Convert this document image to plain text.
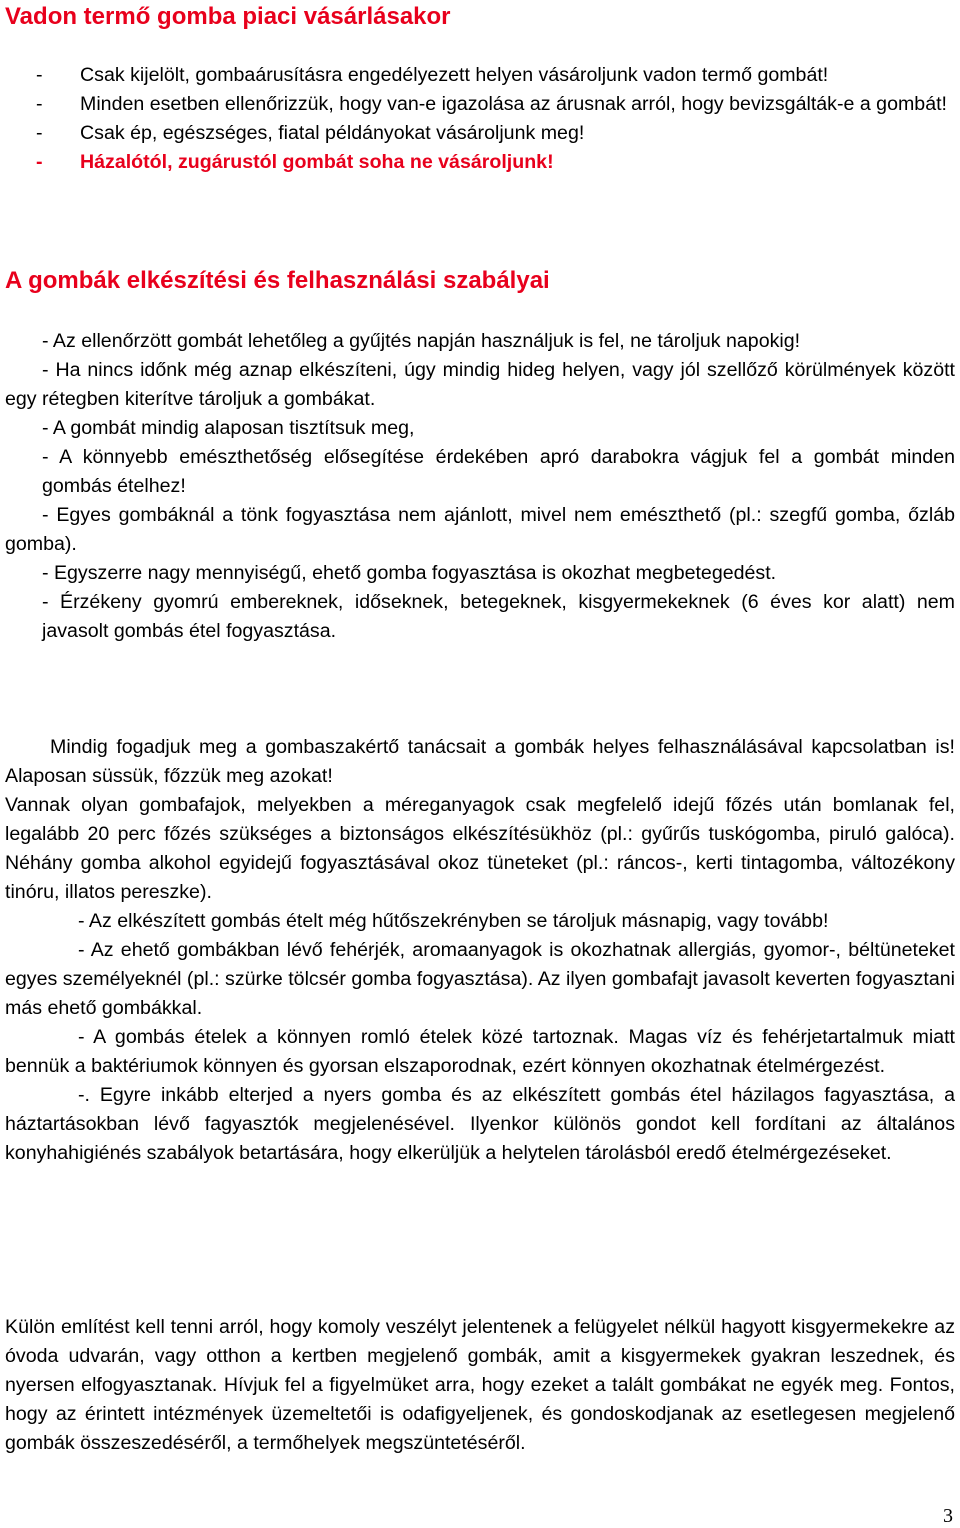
Vadon termő gomba piaci vásárlásakor
-	Csak kijelölt, gombaárusításra engedélyezett helyen vásároljunk vadon termő gombát!
-	Minden esetben ellenőrizzük, hogy van-e igazolása az árusnak arról, hogy bevizsgálták-e a gombát!
-	Csak ép, egészséges, fiatal példányokat vásároljunk meg!
-	Házalótól, zugárustól gombát soha ne vásároljunk!
A gombák elkészítési és felhasználási szabályai

- Az ellenőrzött gombát lehetőleg a gyűjtés napján használjuk is fel, ne tároljuk napokig!

- Ha nincs időnk még aznap elkészíteni, úgy mindig hideg helyen, vagy jól szellőző körülmények között egy rétegben kiterítve tároljuk a gombákat.

- A gombát mindig alaposan tisztítsuk meg,

- A könnyebb emészthetőség elősegítése érdekében apró darabokra vágjuk fel a gombát minden gombás ételhez!

- Egyes gombáknál a tönk fogyasztása nem ajánlott, mivel nem emészthető (pl.: szegfű gomba, őzláb gomba).

- Egyszerre nagy mennyiségű, ehető gomba fogyasztása is okozhat megbetegedést.

- Érzékeny gyomrú embereknek, időseknek, betegeknek, kisgyermekeknek (6 éves kor alatt) nem javasolt gombás étel fogyasztása.

Mindig fogadjuk meg a gombaszakértő tanácsait a gombák helyes felhasználásával kapcsolatban is! Alaposan süssük, főzzük meg azokat!

Vannak olyan gombafajok, melyekben a méreganyagok csak megfelelő idejű főzés után bomlanak fel, legalább 20 perc főzés szükséges a biztonságos elkészítésükhöz (pl.: gyűrűs tuskógomba, piruló galóca). Néhány gomba alkohol egyidejű fogyasztásával okoz tüneteket (pl.: ráncos-, kerti tintagomba, változékony tinóru, illatos pereszke).

- Az elkészített gombás ételt még hűtőszekrényben se tároljuk másnapig, vagy tovább!

- Az ehető gombákban lévő fehérjék, aromaanyagok is okozhatnak allergiás, gyomor-, béltüneteket egyes személyeknél (pl.: szürke tölcsér gomba fogyasztása). Az ilyen gombafajt javasolt keverten fogyasztani más ehető gombákkal.

- A gombás ételek a könnyen romló ételek közé tartoznak. Magas víz és fehérjetartalmuk miatt bennük a baktériumok könnyen és gyorsan elszaporodnak, ezért könnyen okozhatnak ételmérgezést.

-. Egyre inkább elterjed a nyers gomba és az elkészített gombás étel házilagos fagyasztása, a háztartásokban lévő fagyasztók megjelenésével. Ilyenkor különös gondot kell fordítani az általános konyhahigiénés szabályok betartására, hogy elkerüljük a helytelen tárolásból eredő ételmérgezéseket.

Külön említést kell tenni arról, hogy komoly veszélyt jelentenek a felügyelet nélkül hagyott kisgyermekekre az óvoda udvarán, vagy otthon a kertben megjelenő gombák, amit a kisgyermekek gyakran leszednek, és nyersen elfogyasztanak. Hívjuk fel a figyelmüket arra, hogy ezeket a talált gombákat ne egyék meg. Fontos, hogy az érintett intézmények üzemeltetői is odafigyeljenek, és gondoskodjanak az esetlegesen megjelenő gombák összeszedéséről, a termőhelyek megszüntetéséről.

3
